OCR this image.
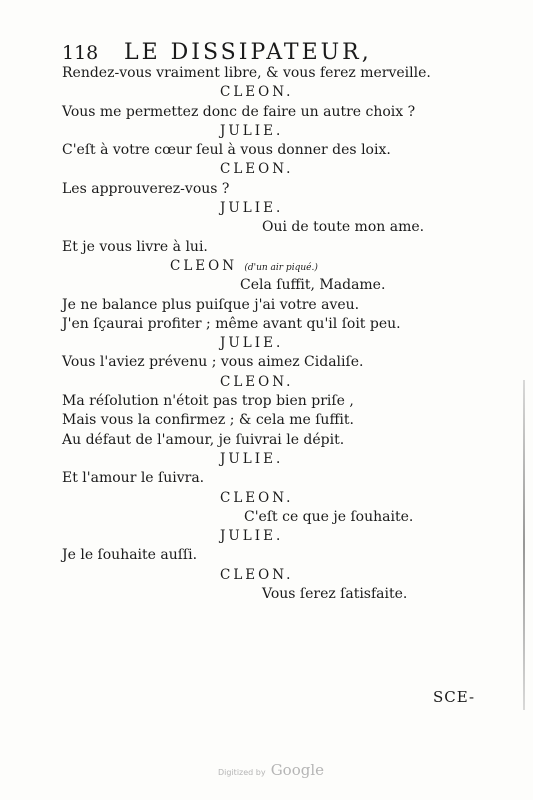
118 LE DISSIPATEUR,
Rendez-vous vraiment libre, & vous ferez merveille.
CLEON.
Vous me permettez donc de faire un autre choix ?
JULIE.
C'eſt à votre cœur ſeul à vous donner des loix.
CLEON.
Les approuverez-vous ?
JULIE.
Oui de toute mon ame.
Et je vous livre à lui.
CLEON (d'un air piqué.)
Cela ſuffit, Madame.
Je ne balance plus puiſque j'ai votre aveu.
J'en ſçaurai profiter ; même avant qu'il ſoit peu.
JULIE.
Vous l'aviez prévenu ; vous aimez Cidaliſe.
CLEON.
Ma réſolution n'étoit pas trop bien priſe ,
Mais vous la confirmez ; & cela me ſuffit.
Au défaut de l'amour, je ſuivrai le dépit.
JULIE.
Et l'amour le ſuivra.
CLEON.
C'eſt ce que je ſouhaite.
JULIE.
Je le ſouhaite auſſi.
CLEON.
Vous ſerez ſatisfaite.
SCE-
Digitized by Google
